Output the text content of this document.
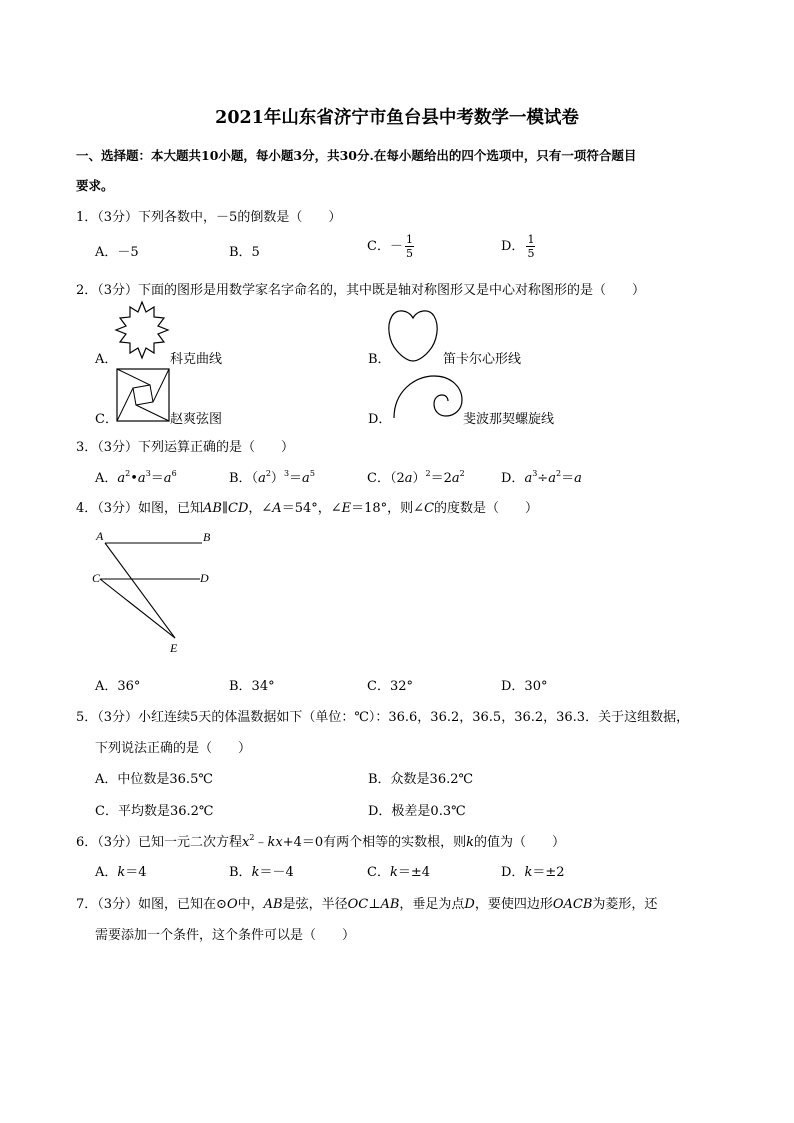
2021年山东省济宁市鱼台县中考数学一模试卷
一、选择题：本大题共10小题，每小题3分，共30分.在每小题给出的四个选项中，只有一项符合题目
要求。
1．（3分）下列各数中，－5的倒数是（　　）
A．－5	B．5	C．－ $\frac{1}{5}$	D． $\frac{1}{5}$
2．（3分）下面的图形是用数学家名字命名的，其中既是轴对称图形又是中心对称图形的是（　　）
A．	科克曲线	B．	笛卡尔心形线
C．	赵爽弦图	D．	斐波那契螺旋线
3．（3分）下列运算正确的是（　　）
A．$a^2•a^3=a^6$	B．$(a^2)^3=a^5$	C．$(2a)^2=2a^2$	D．$a^3\div a^2=a$
4．（3分）如图，已知AB∥CD，∠A＝54°，∠E＝18°，则∠C的度数是（　　）
A	B
C	D
E
A．36°	B．34°	C．32°	D．30°
5．（3分）小红连续5天的体温数据如下（单位：℃）：36.6，36.2，36.5，36.2，36.3．关于这组数据，
下列说法正确的是（　　）
A．中位数是36.5℃	B．众数是36.2℃
C．平均数是36.2℃	D．极差是0.3℃
6．（3分）已知一元二次方程$x^2﹣kx+4=0$有两个相等的实数根，则k的值为（　　）
A．k＝4	B．k＝－4	C．k＝±4	D．k＝±2
7．（3分）如图，已知在⊙O中，AB是弦，半径OC⊥AB，垂足为点D，要使四边形OACB为菱形，还
需要添加一个条件，这个条件可以是（　　）
